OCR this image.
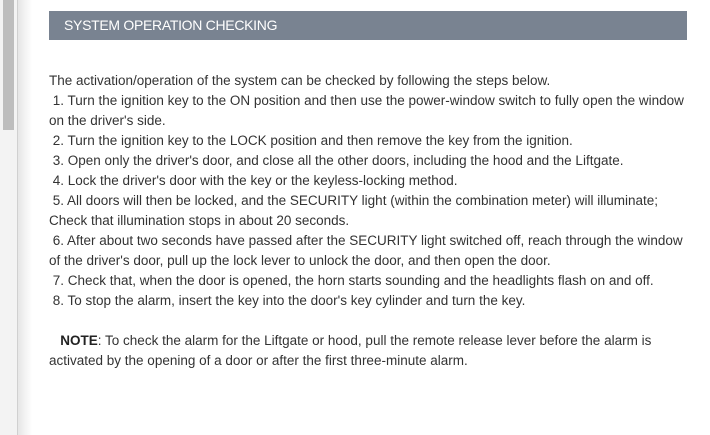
SYSTEM OPERATION CHECKING

The activation/operation of the system can be checked by following the steps below.

1. Turn the ignition key to the ON position and then use the power-window switch to fully open the window on the driver's side.

2. Turn the ignition key to the LOCK position and then remove the key from the ignition.

3. Open only the driver's door, and close all the other doors, including the hood and the Liftgate.

4. Lock the driver's door with the key or the keyless-locking method.

5. All doors will then be locked, and the SECURITY light (within the combination meter) will illuminate; Check that illumination stops in about 20 seconds.

6. After about two seconds have passed after the SECURITY light switched off, reach through the window of the driver's door, pull up the lock lever to unlock the door, and then open the door.

7. Check that, when the door is opened, the horn starts sounding and the headlights flash on and off.

8. To stop the alarm, insert the key into the door's key cylinder and turn the key.

NOTE: To check the alarm for the Liftgate or hood, pull the remote release lever before the alarm is activated by the opening of a door or after the first three-minute alarm.
